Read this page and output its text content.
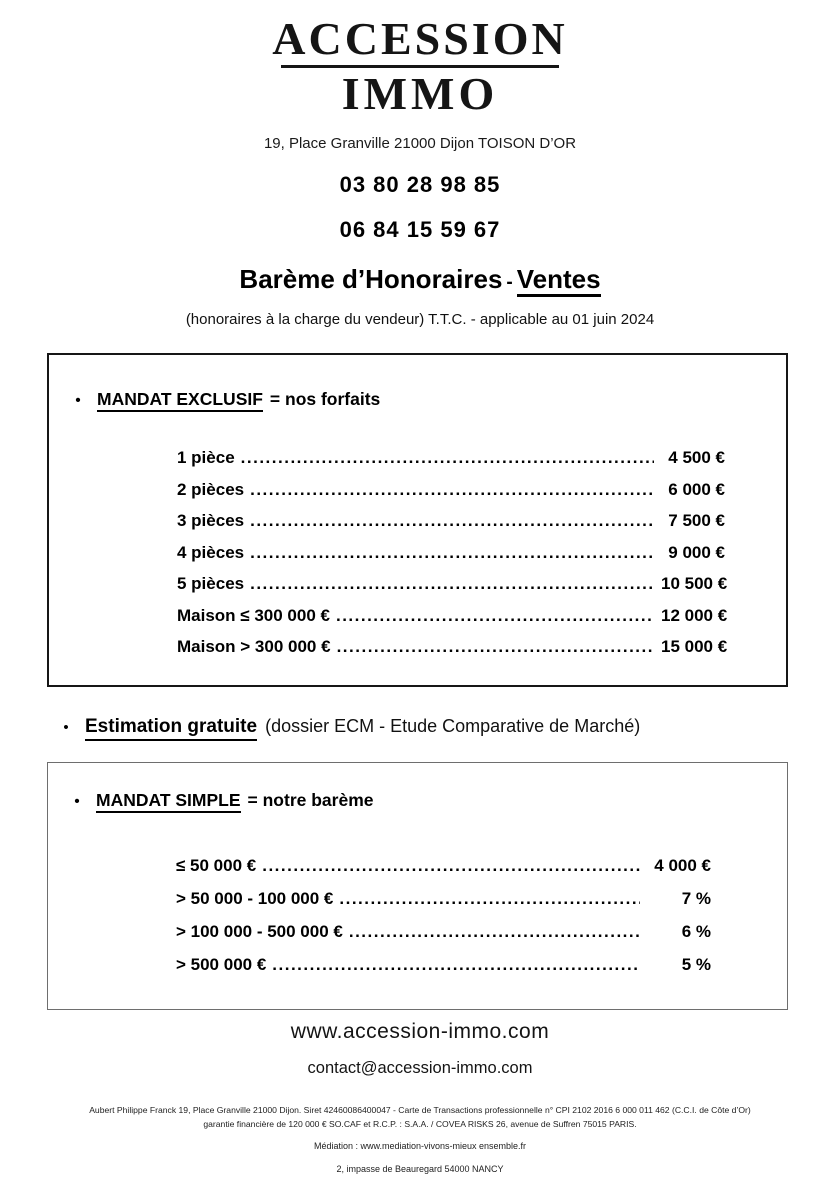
ACCESSION
IMMO
19, Place Granville 21000 Dijon TOISON D’OR
03 80 28 98 85
06 84 15 59 67
Barème d’Honoraires - Ventes
(honoraires à la charge du vendeur) T.T.C. - applicable au 01 juin 2024
•
MANDAT EXCLUSIF = nos forfaits
1 pièce .....	4 500 €
2 pièces .....	6 000 €
3 pièces .....	7 500 €
4 pièces .....	9 000 €
5 pièces .....	10 500 €
Maison ≤ 300 000 € .....	12 000 €
Maison > 300 000 € .....	15 000 €
•
Estimation gratuite (dossier ECM - Etude Comparative de Marché)
•
MANDAT SIMPLE = notre barème
≤ 50 000 € .....	4 000 €
> 50 000 - 100 000 € .....	7 %
> 100 000 - 500 000 € .....	6 %
> 500 000 € .....	5 %
www.accession-immo.com
contact@accession-immo.com
Aubert Philippe Franck 19, Place Granville 21000 Dijon. Siret 42460086400047 - Carte de Transactions professionnelle n° CPI 2102 2016 6 000 011 462 (C.C.I. de Côte d’Or)
garantie financière de 120 000 € SO.CAF et R.C.P. : S.A.A. / COVEA RISKS 26, avenue de Suffren 75015 PARIS.
Médiation : www.mediation-vivons-mieux ensemble.fr
2, impasse de Beauregard 54000 NANCY
